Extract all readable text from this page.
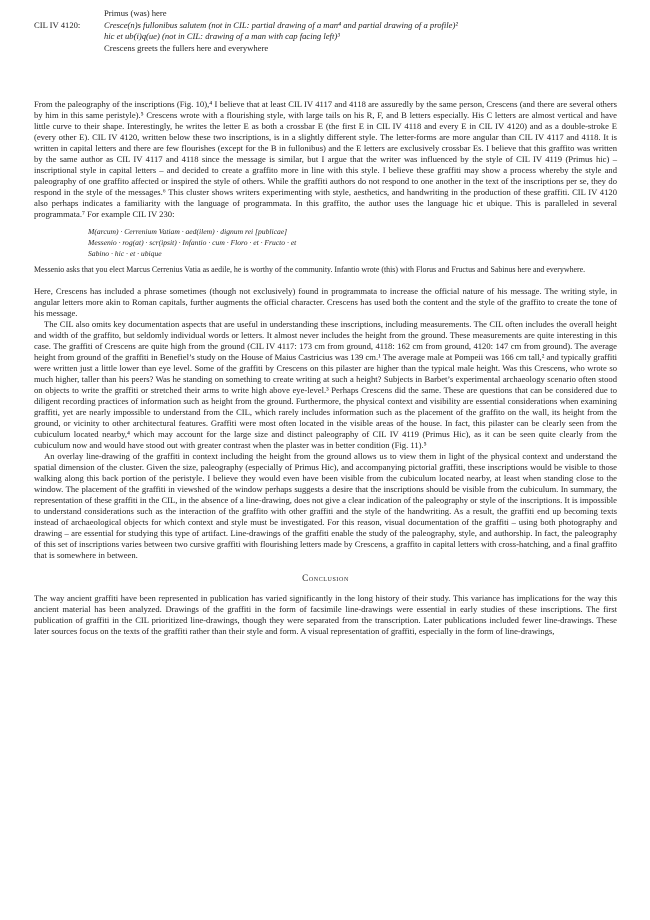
Primus (was) here
CIL IV 4120:	Cresce(n)s fullonibus salutem (not in CIL: partial drawing of a man⁴ and partial drawing of a profile)²
hic et ub(i)q(ue) (not in CIL: drawing of a man with cap facing left)³
Crescens greets the fullers here and everywhere

From the paleography of the inscriptions (Fig. 10),⁴ I believe that at least CIL IV 4117 and 4118 are assuredly by the same person, Crescens (and there are several others by him in this same peristyle).⁵ Crescens wrote with a flourishing style, with large tails on his R, F, and B letters especially. His C letters are almost vertical and have little curve to their shape. Interestingly, he writes the letter E as both a crossbar E (the first E in CIL IV 4118 and every E in CIL IV 4120) and as a double-stroke E (every other E). CIL IV 4120, written below these two inscriptions, is in a slightly different style. The letter-forms are more angular than CIL IV 4117 and 4118. It is written in capital letters and there are few flourishes (except for the B in fullonibus) and the E letters are exclusively crossbar Es. I believe that this graffito was written by the same author as CIL IV 4117 and 4118 since the message is similar, but I argue that the writer was influenced by the style of CIL IV 4119 (Primus hic) – inscriptional style in capital letters – and decided to create a graffito more in line with this style. I believe these graffiti may show a process whereby the style and paleography of one graffito affected or inspired the style of others. While the graffiti authors do not respond to one another in the text of the inscriptions per se, they do respond in the style of the messages.⁶ This cluster shows writers experimenting with style, aesthetics, and handwriting in the production of these graffiti. CIL IV 4120 also perhaps indicates a familiarity with the language of programmata. In this graffito, the author uses the language hic et ubique. This is paralleled in several programmata.⁷ For example CIL IV 230:

M(arcum) · Cerrenium Vatiam · aed(ilem) · dignum rei [publicae]
Messenio · rog(at) · scr(ipsit) · Infantio · cum · Floro · et · Fructo · et
Sabino · hic · et · ubique

Messenio asks that you elect Marcus Cerrenius Vatia as aedile, he is worthy of the community. Infantio wrote (this) with Florus and Fructus and Sabinus here and everywhere.

Here, Crescens has included a phrase sometimes (though not exclusively) found in programmata to increase the official nature of his message. The writing style, in angular letters more akin to Roman capitals, further augments the official character. Crescens has used both the content and the style of the graffito to create the tone of his message.

The CIL also omits key documentation aspects that are useful in understanding these inscriptions, including measurements. The CIL often includes the overall height and width of the graffito, but seldomly individual words or letters. It almost never includes the height from the ground. These measurements are quite interesting in this case. The graffiti of Crescens are quite high from the ground (CIL IV 4117: 173 cm from ground, 4118: 162 cm from ground, 4120: 147 cm from ground). The average height from ground of the graffiti in Benefiel’s study on the House of Maius Castricius was 139 cm.¹ The average male at Pompeii was 166 cm tall,² and typically graffiti were written just a little lower than eye level. Some of the graffiti by Crescens on this pilaster are higher than the typical male height. Was this Crescens, who wrote so much higher, taller than his peers? Was he standing on something to create writing at such a height? Subjects in Barbet’s experimental archaeology scenario often stood on objects to write the graffiti or stretched their arms to write high above eye-level.³ Perhaps Crescens did the same. These are questions that can be considered due to diligent recording practices of information such as height from the ground. Furthermore, the physical context and visibility are essential considerations when examining graffiti, yet are nearly impossible to understand from the CIL, which rarely includes information such as the placement of the graffito on the wall, its height from the ground, or vicinity to other architectural features. Graffiti were most often located in the visible areas of the house. In fact, this pilaster can be clearly seen from the cubiculum located nearby,⁴ which may account for the large size and distinct paleography of CIL IV 4119 (Primus Hic), as it can be seen quite clearly from the cubiculum now and would have stood out with greater contrast when the plaster was in better condition (Fig. 11).⁵

An overlay line-drawing of the graffiti in context including the height from the ground allows us to view them in light of the physical context and understand the spatial dimension of the cluster. Given the size, paleography (especially of Primus Hic), and accompanying pictorial graffiti, these inscriptions would be visible to those walking along this back portion of the peristyle. I believe they would even have been visible from the cubiculum located nearby, at least when standing close to the window. The placement of the graffiti in viewshed of the window perhaps suggests a desire that the inscriptions should be visible from the cubiculum. In summary, the representation of these graffiti in the CIL, in the absence of a line-drawing, does not give a clear indication of the paleography or style of the inscriptions. It is impossible to understand considerations such as the interaction of the graffito with other graffiti and the style of the handwriting. As a result, the graffiti end up becoming texts instead of archaeological objects for which context and style must be investigated. For this reason, visual documentation of the graffiti – using both photography and drawing – are essential for studying this type of artifact. Line-drawings of the graffiti enable the study of the paleography, style, and authorship. In fact, the paleography of this set of inscriptions varies between two cursive graffiti with flourishing letters made by Crescens, a graffito in capital letters with cross-hatching, and a final graffito that is somewhere in between.

Conclusion

The way ancient graffiti have been represented in publication has varied significantly in the long history of their study. This variance has implications for the way this ancient material has been analyzed. Drawings of the graffiti in the form of facsimile line-drawings were essential in early studies of these inscriptions. The first publication of graffiti in the CIL prioritized line-drawings, though they were separated from the transcription. Later publications included fewer line-drawings. These later sources focus on the texts of the graffiti rather than their style and form. A visual representation of graffiti, especially in the form of line-drawings,
